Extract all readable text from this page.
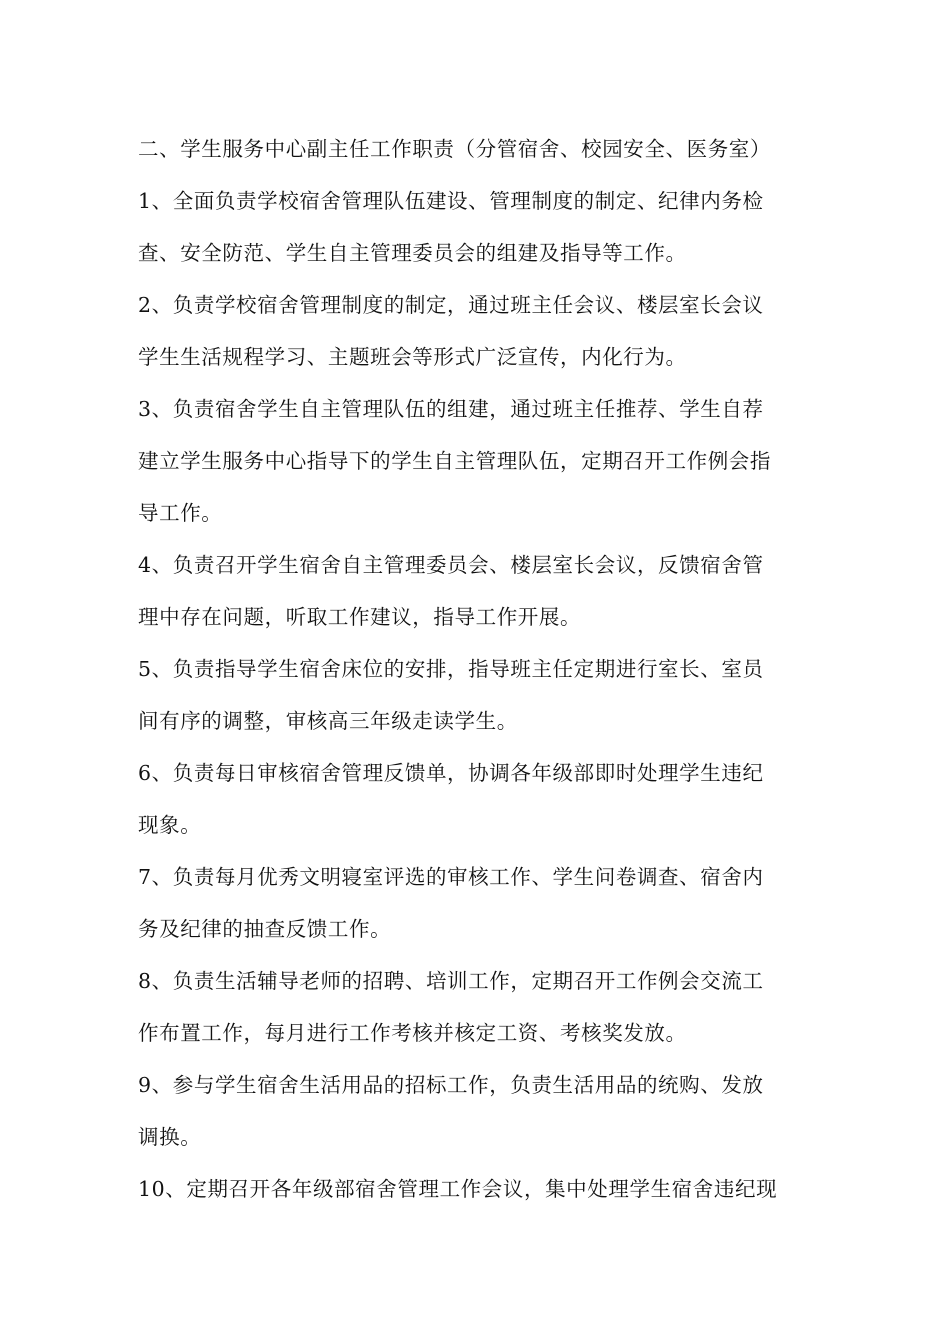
二、学生服务中心副主任工作职责（分管宿舍、校园安全、医务室）
1、全面负责学校宿舍管理队伍建设、管理制度的制定、纪律内务检
查、安全防范、学生自主管理委员会的组建及指导等工作。
2、负责学校宿舍管理制度的制定，通过班主任会议、楼层室长会议
学生生活规程学习、主题班会等形式广泛宣传，内化行为。
3、负责宿舍学生自主管理队伍的组建，通过班主任推荐、学生自荐
建立学生服务中心指导下的学生自主管理队伍，定期召开工作例会指
导工作。
4、负责召开学生宿舍自主管理委员会、楼层室长会议，反馈宿舍管
理中存在问题，听取工作建议，指导工作开展。
5、负责指导学生宿舍床位的安排，指导班主任定期进行室长、室员
间有序的调整，审核高三年级走读学生。
6、负责每日审核宿舍管理反馈单，协调各年级部即时处理学生违纪
现象。
7、负责每月优秀文明寝室评选的审核工作、学生问卷调查、宿舍内
务及纪律的抽查反馈工作。
8、负责生活辅导老师的招聘、培训工作，定期召开工作例会交流工
作布置工作，每月进行工作考核并核定工资、考核奖发放。
9、参与学生宿舍生活用品的招标工作，负责生活用品的统购、发放
调换。
10、定期召开各年级部宿舍管理工作会议，集中处理学生宿舍违纪现
